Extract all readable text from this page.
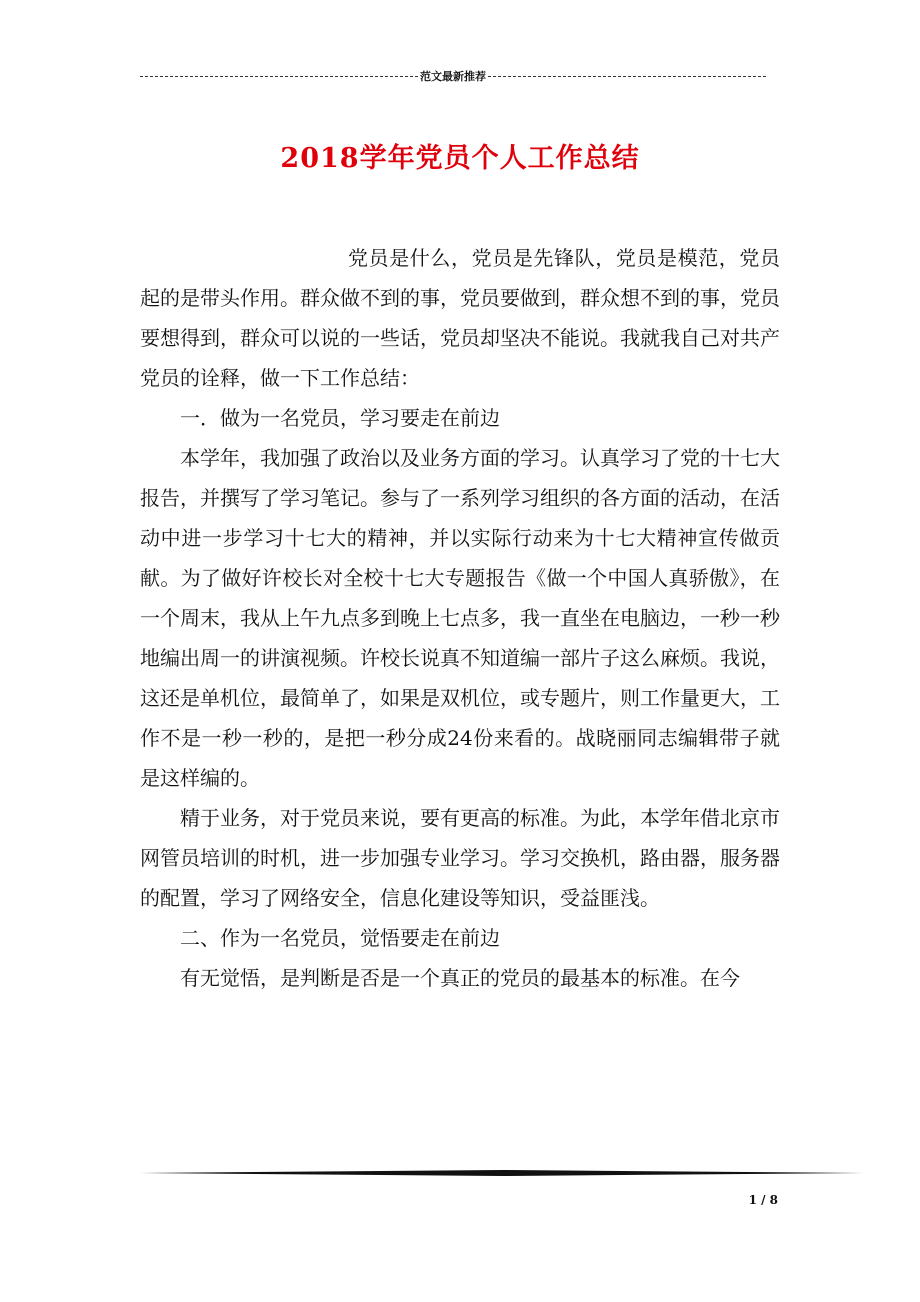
范文最新推荐
2018学年党员个人工作总结

党员是什么，党员是先锋队，党员是模范，党员起的是带头作用。群众做不到的事，党员要做到，群众想不到的事，党员要想得到，群众可以说的一些话，党员却坚决不能说。我就我自己对共产党员的诠释，做一下工作总结：

一．做为一名党员，学习要走在前边

本学年，我加强了政治以及业务方面的学习。认真学习了党的十七大报告，并撰写了学习笔记。参与了一系列学习组织的各方面的活动，在活动中进一步学习十七大的精神，并以实际行动来为十七大精神宣传做贡献。为了做好许校长对全校十七大专题报告《做一个中国人真骄傲》，在一个周末，我从上午九点多到晚上七点多，我一直坐在电脑边，一秒一秒地编出周一的讲演视频。许校长说真不知道编一部片子这么麻烦。我说，这还是单机位，最简单了，如果是双机位，或专题片，则工作量更大，工作不是一秒一秒的，是把一秒分成24份来看的。战晓丽同志编辑带子就是这样编的。

精于业务，对于党员来说，要有更高的标准。为此，本学年借北京市网管员培训的时机，进一步加强专业学习。学习交换机，路由器，服务器的配置，学习了网络安全，信息化建设等知识，受益匪浅。

二、作为一名党员，觉悟要走在前边

有无觉悟，是判断是否是一个真正的党员的最基本的标准。在今

1 / 8
